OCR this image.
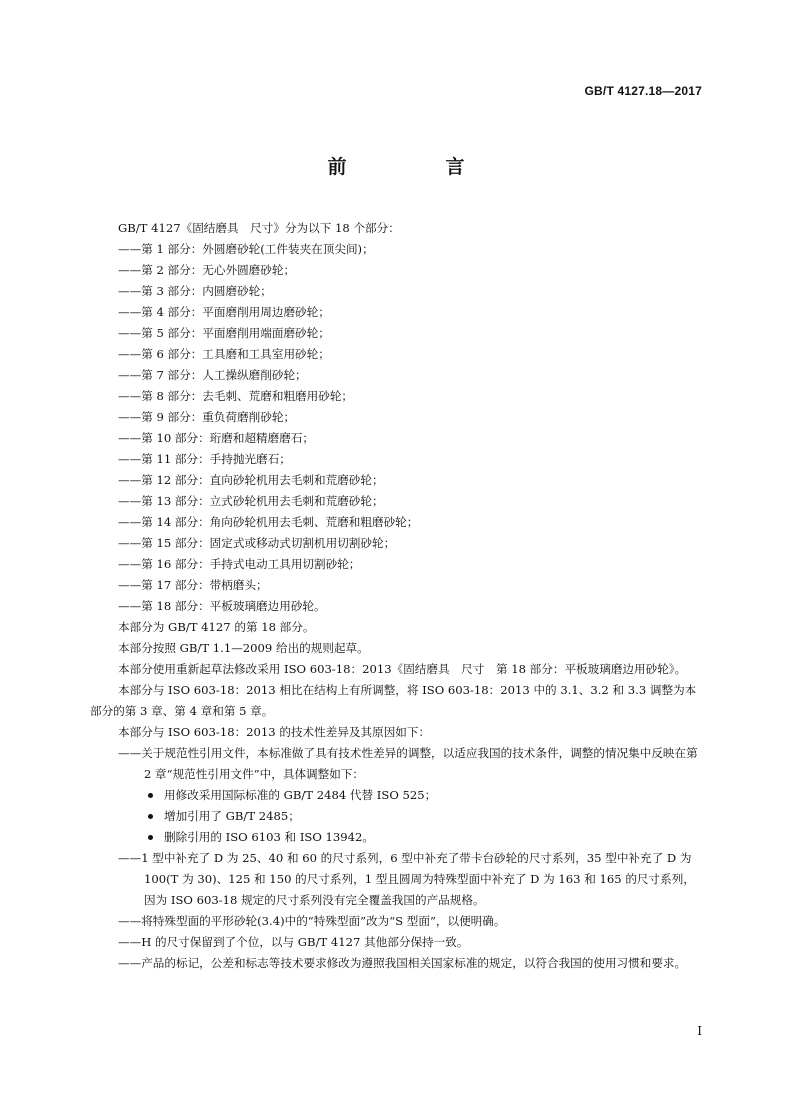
GB/T 4127.18—2017
前　言
GB/T 4127《固结磨具　尺寸》分为以下 18 个部分：
——第 1 部分：外圆磨砂轮(工件装夹在顶尖间)；
——第 2 部分：无心外圆磨砂轮；
——第 3 部分：内圆磨砂轮；
——第 4 部分：平面磨削用周边磨砂轮；
——第 5 部分：平面磨削用端面磨砂轮；
——第 6 部分：工具磨和工具室用砂轮；
——第 7 部分：人工操纵磨削砂轮；
——第 8 部分：去毛刺、荒磨和粗磨用砂轮；
——第 9 部分：重负荷磨削砂轮；
——第 10 部分：珩磨和超精磨磨石；
——第 11 部分：手持抛光磨石；
——第 12 部分：直向砂轮机用去毛刺和荒磨砂轮；
——第 13 部分：立式砂轮机用去毛刺和荒磨砂轮；
——第 14 部分：角向砂轮机用去毛刺、荒磨和粗磨砂轮；
——第 15 部分：固定式或移动式切割机用切割砂轮；
——第 16 部分：手持式电动工具用切割砂轮；
——第 17 部分：带柄磨头；
——第 18 部分：平板玻璃磨边用砂轮。
本部分为 GB/T 4127 的第 18 部分。
本部分按照 GB/T 1.1—2009 给出的规则起草。
本部分使用重新起草法修改采用 ISO 603-18：2013《固结磨具　尺寸　第 18 部分：平板玻璃磨边用砂轮》。
本部分与 ISO 603-18：2013 相比在结构上有所调整，将 ISO 603-18：2013 中的 3.1、3.2 和 3.3 调整为本部分的第 3 章、第 4 章和第 5 章。
本部分与 ISO 603-18：2013 的技术性差异及其原因如下：
——关于规范性引用文件，本标准做了具有技术性差异的调整，以适应我国的技术条件，调整的情况集中反映在第 2 章“规范性引用文件”中，具体调整如下：
用修改采用国际标准的 GB/T 2484 代替 ISO 525；
增加引用了 GB/T 2485；
删除引用的 ISO 6103 和 ISO 13942。
——1 型中补充了 D 为 25、40 和 60 的尺寸系列，6 型中补充了带卡台砂轮的尺寸系列，35 型中补充了 D 为 100(T 为 30)、125 和 150 的尺寸系列，1 型且圆周为特殊型面中补充了 D 为 163 和 165 的尺寸系列，因为 ISO 603-18 规定的尺寸系列没有完全覆盖我国的产品规格。
——将特殊型面的平形砂轮(3.4)中的“特殊型面”改为“S 型面”，以便明确。
——H 的尺寸保留到了个位，以与 GB/T 4127 其他部分保持一致。
——产品的标记，公差和标志等技术要求修改为遵照我国相关国家标准的规定，以符合我国的使用习惯和要求。
I
